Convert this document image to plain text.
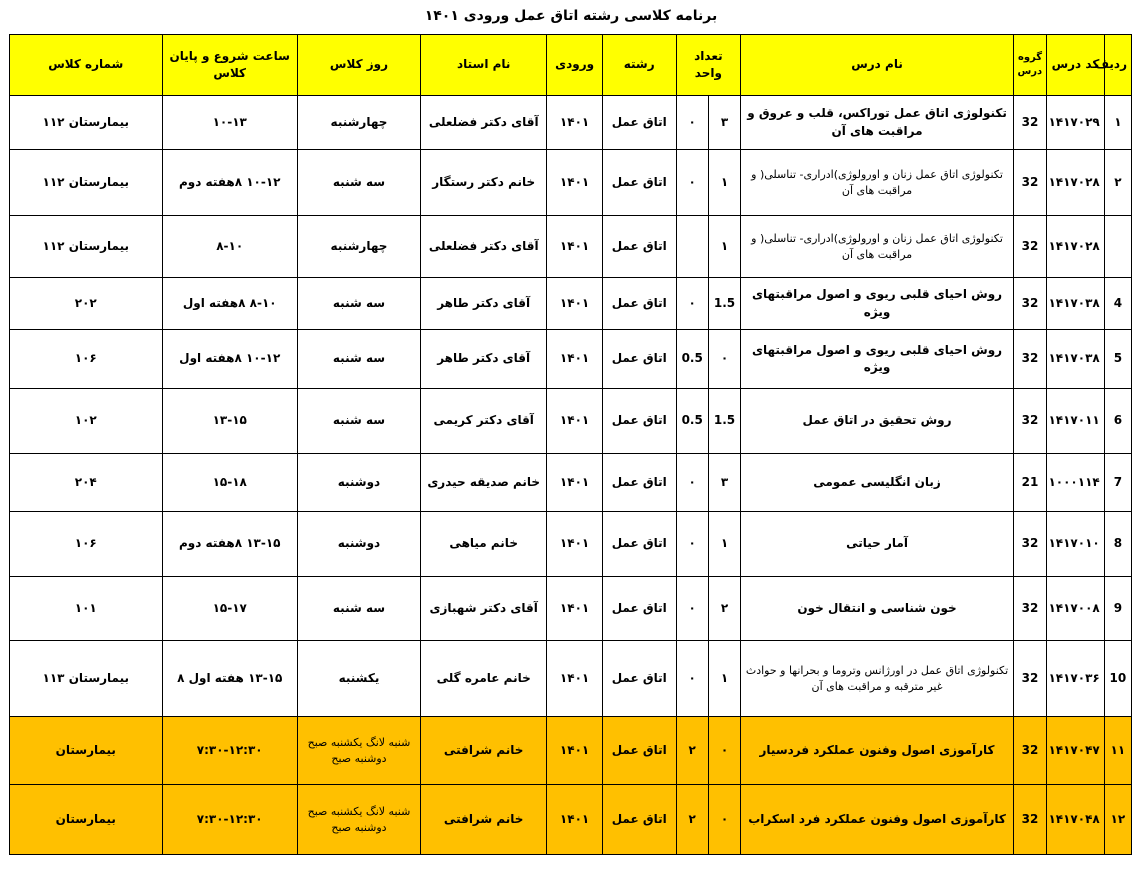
برنامه کلاسی رشته اتاق عمل ورودی ۱۴۰۱
ردیف	کد درس	گروه درس	نام درس	تعداد واحد		رشته	ورودی	نام استاد	روز کلاس	ساعت شروع و پایان کلاس	شماره کلاس
۱	۱۴۱۷۰۲۹	32	تکنولوژی اتاق عمل توراکس، قلب و عروق و مراقبت های آن	۳	۰	اتاق عمل	۱۴۰۱	آقای دکتر فضلعلی	چهارشنبه	۱۰-۱۳	بیمارستان ۱۱۲
۲	۱۴۱۷۰۲۸	32	تکنولوژی اتاق عمل زنان و اورولوژی)ادراری- تناسلی( و مراقبت های آن	۱	۰	اتاق عمل	۱۴۰۱	خانم دکتر رستگار	سه شنبه	۱۰-۱۲ ۸هفته دوم	بیمارستان ۱۱۲
	۱۴۱۷۰۲۸	32	تکنولوژی اتاق عمل زنان و اورولوژی)ادراری- تناسلی( و مراقبت های آن	۱		اتاق عمل	۱۴۰۱	آقای دکتر فضلعلی	چهارشنبه	۸-۱۰	بیمارستان ۱۱۲
4	۱۴۱۷۰۳۸	32	روش احیای قلبی ریوی و اصول مراقبتهای ویژه	1.5	۰	اتاق عمل	۱۴۰۱	آقای دکتر طاهر	سه شنبه	۸-۱۰ ۸هفته اول	۲۰۲
5	۱۴۱۷۰۳۸	32	روش احیای قلبی ریوی و اصول مراقبتهای ویژه	۰	0.5	اتاق عمل	۱۴۰۱	آقای دکتر طاهر	سه شنبه	۱۰-۱۲ ۸هفته اول	۱۰۶
6	۱۴۱۷۰۱۱	32	روش تحقیق در اتاق عمل	1.5	0.5	اتاق عمل	۱۴۰۱	آقای دکتر کریمی	سه شنبه	۱۳-۱۵	۱۰۲
7	۱۰۰۰۱۱۴	21	زبان انگلیسی عمومی	۳	۰	اتاق عمل	۱۴۰۱	خانم صدیقه حیدری	دوشنبه	۱۵-۱۸	۲۰۴
8	۱۴۱۷۰۱۰	32	آمار حیاتی	۱	۰	اتاق عمل	۱۴۰۱	خانم میاهی	دوشنبه	۱۳-۱۵ ۸هفته دوم	۱۰۶
9	۱۴۱۷۰۰۸	32	خون شناسی و انتقال خون	۲	۰	اتاق عمل	۱۴۰۱	آقای دکتر شهبازی	سه شنبه	۱۵-۱۷	۱۰۱
10	۱۴۱۷۰۳۶	32	تکنولوژی اتاق عمل در اورژانس وتروما و بحرانها و حوادث غیر مترقبه و مراقبت های آن	۱	۰	اتاق عمل	۱۴۰۱	خانم عامره گلی	یکشنبه	۱۳-۱۵ هفته اول ۸	بیمارستان ۱۱۳
۱۱	۱۴۱۷۰۴۷	32	کارآموزی اصول وفنون عملکرد فردسیار	۰	۲	اتاق عمل	۱۴۰۱	خانم شرافتی	شنبه لانگ یکشنبه صبح دوشنبه صبح	۷:۳۰-۱۲:۳۰	بیمارستان
۱۲	۱۴۱۷۰۴۸	32	کارآموزی اصول وفنون عملکرد فرد اسکراب	۰	۲	اتاق عمل	۱۴۰۱	خانم شرافتی	شنبه لانگ یکشنبه صبح دوشنبه صبح	۷:۳۰-۱۲:۳۰	بیمارستان
